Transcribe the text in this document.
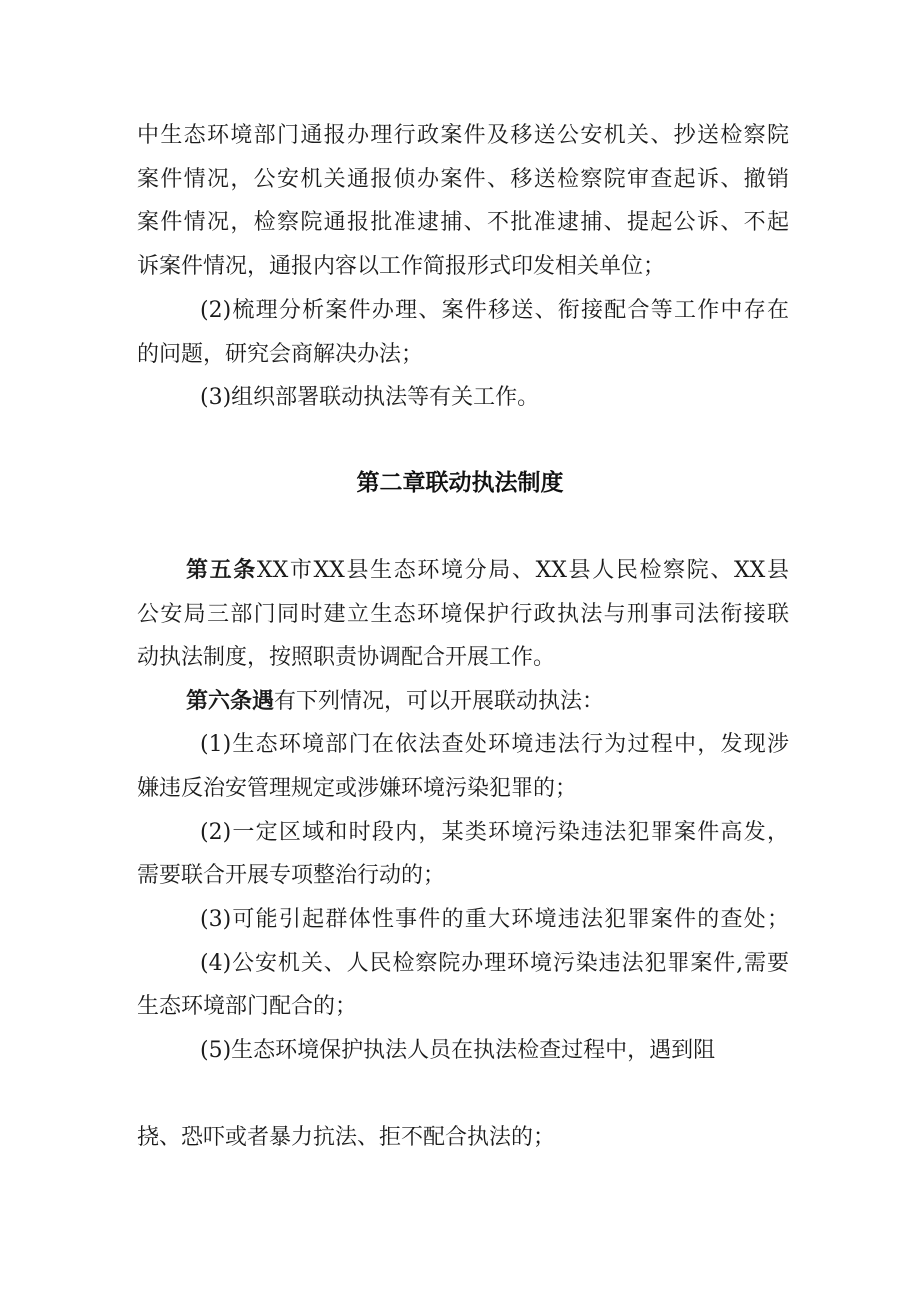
中生态环境部门通报办理行政案件及移送公安机关、抄送检察院
案件情况，公安机关通报侦办案件、移送检察院审查起诉、撤销
案件情况，检察院通报批准逮捕、不批准逮捕、提起公诉、不起
诉案件情况，通报内容以工作简报形式印发相关单位；
(2)梳理分析案件办理、案件移送、衔接配合等工作中存在
的问题，研究会商解决办法；
(3)组织部署联动执法等有关工作。
第二章联动执法制度
第五条XX市XX县生态环境分局、XX县人民检察院、XX县
公安局三部门同时建立生态环境保护行政执法与刑事司法衔接联
动执法制度，按照职责协调配合开展工作。
第六条遇有下列情况，可以开展联动执法：
(1)生态环境部门在依法查处环境违法行为过程中，发现涉
嫌违反治安管理规定或涉嫌环境污染犯罪的；
(2)一定区域和时段内，某类环境污染违法犯罪案件高发，
需要联合开展专项整治行动的；
(3)可能引起群体性事件的重大环境违法犯罪案件的查处；
(4)公安机关、人民检察院办理环境污染违法犯罪案件,需要
生态环境部门配合的；
(5)生态环境保护执法人员在执法检查过程中，遇到阻
挠、恐吓或者暴力抗法、拒不配合执法的；
